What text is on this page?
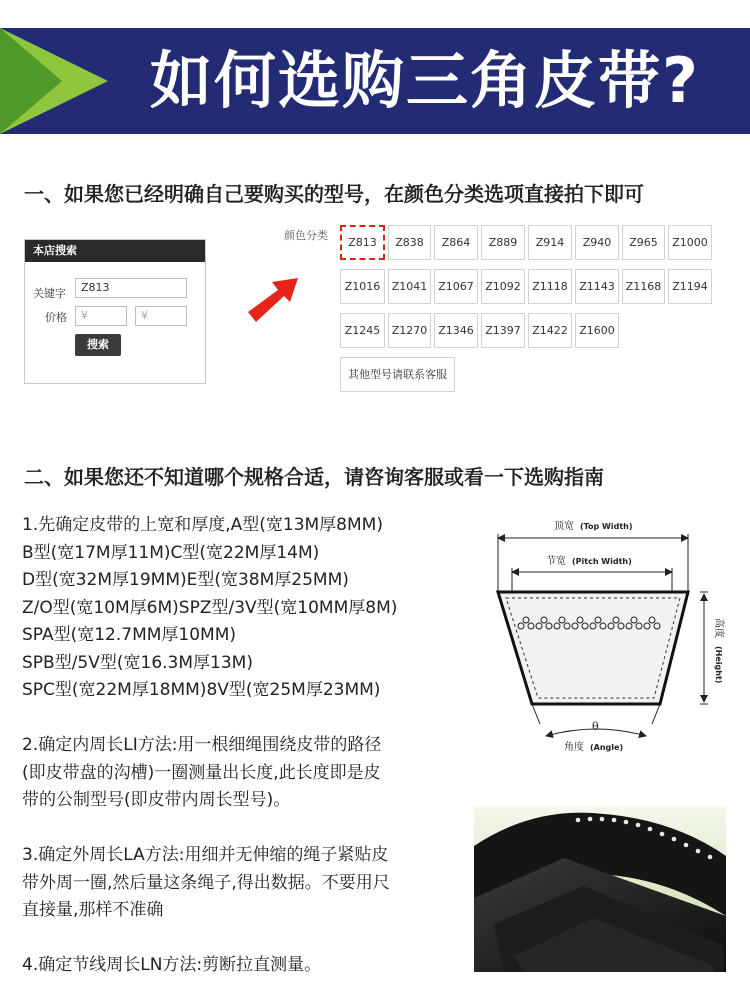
如何选购三角皮带?
一、如果您已经明确自己要购买的型号，在颜色分类选项直接拍下即可
本店搜索
关键字	Z813
价格	¥	¥
搜索
颜色分类
Z813	Z838	Z864	Z889	Z914	Z940	Z965	Z1000
Z1016	Z1041 Z1067	Z1092	Z1118	Z1143 Z1168 Z1194
Z1245	Z1270 Z1346	Z1397	Z1422	Z1600
其他型号请联系客服
二、如果您还不知道哪个规格合适，请咨询客服或看一下选购指南
1.先确定皮带的上宽和厚度,A型(宽13M厚8MM)
B型(宽17M厚11M)C型(宽22M厚14M)
D型(宽32M厚19MM)E型(宽38M厚25MM)
Z/O型(宽10M厚6M)SPZ型/3V型(宽10MM厚8M)
SPA型(宽12.7MM厚10MM)
SPB型/5V型(宽16.3M厚13M)
SPC型(宽22M厚18MM)8V型(宽25M厚23MM)
2.确定内周长LI方法:用一根细绳围绕皮带的路径
(即皮带盘的沟槽)一圈测量出长度,此长度即是皮
带的公制型号(即皮带内周长型号)。
3.确定外周长LA方法:用细并无伸缩的绳子紧贴皮
带外周一圈,然后量这条绳子,得出数据。不要用尺
直接量,那样不准确
4.确定节线周长LN方法:剪断拉直测量。
顶宽 (Top Width)
节宽 (Pitch Width)
高度
(Height)
θ
角度 (Angle)
